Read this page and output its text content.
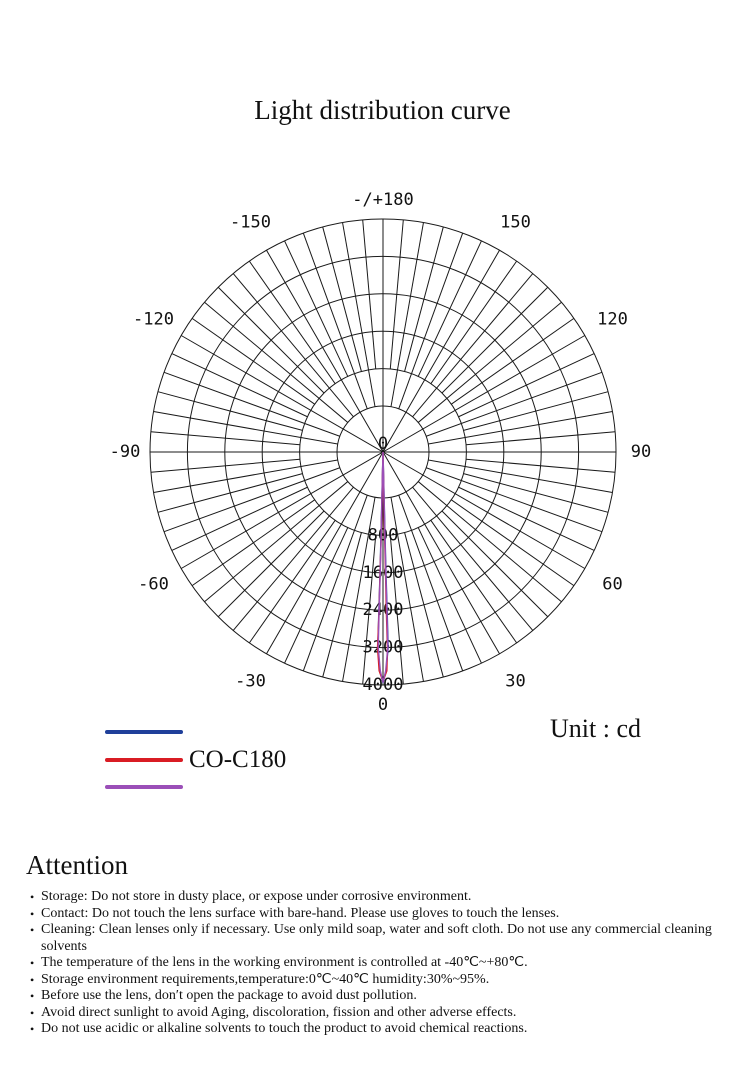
Light distribution curve
-/+180
150
120
90
60
30
0
-30
-60
-90
-120
-150
0
800
1600
2400
3200
4000
CO-C180
Unit : cd
Attention
• Storage: Do not store in dusty place, or expose under corrosive environment.
• Contact: Do not touch the lens surface with bare-hand. Please use gloves to touch the lenses.
• Cleaning: Clean lenses only if necessary. Use only mild soap, water and soft cloth. Do not use any commercial cleaning solvents
• The temperature of the lens in the working environment is controlled at -40℃~+80℃.
• Storage environment requirements,temperature:0℃~40℃ humidity:30%~95%.
• Before use the lens, don′t open the package to avoid dust pollution.
• Avoid direct sunlight to avoid Aging, discoloration, fission and other adverse effects.
• Do not use acidic or alkaline solvents to touch the product to avoid chemical reactions.
